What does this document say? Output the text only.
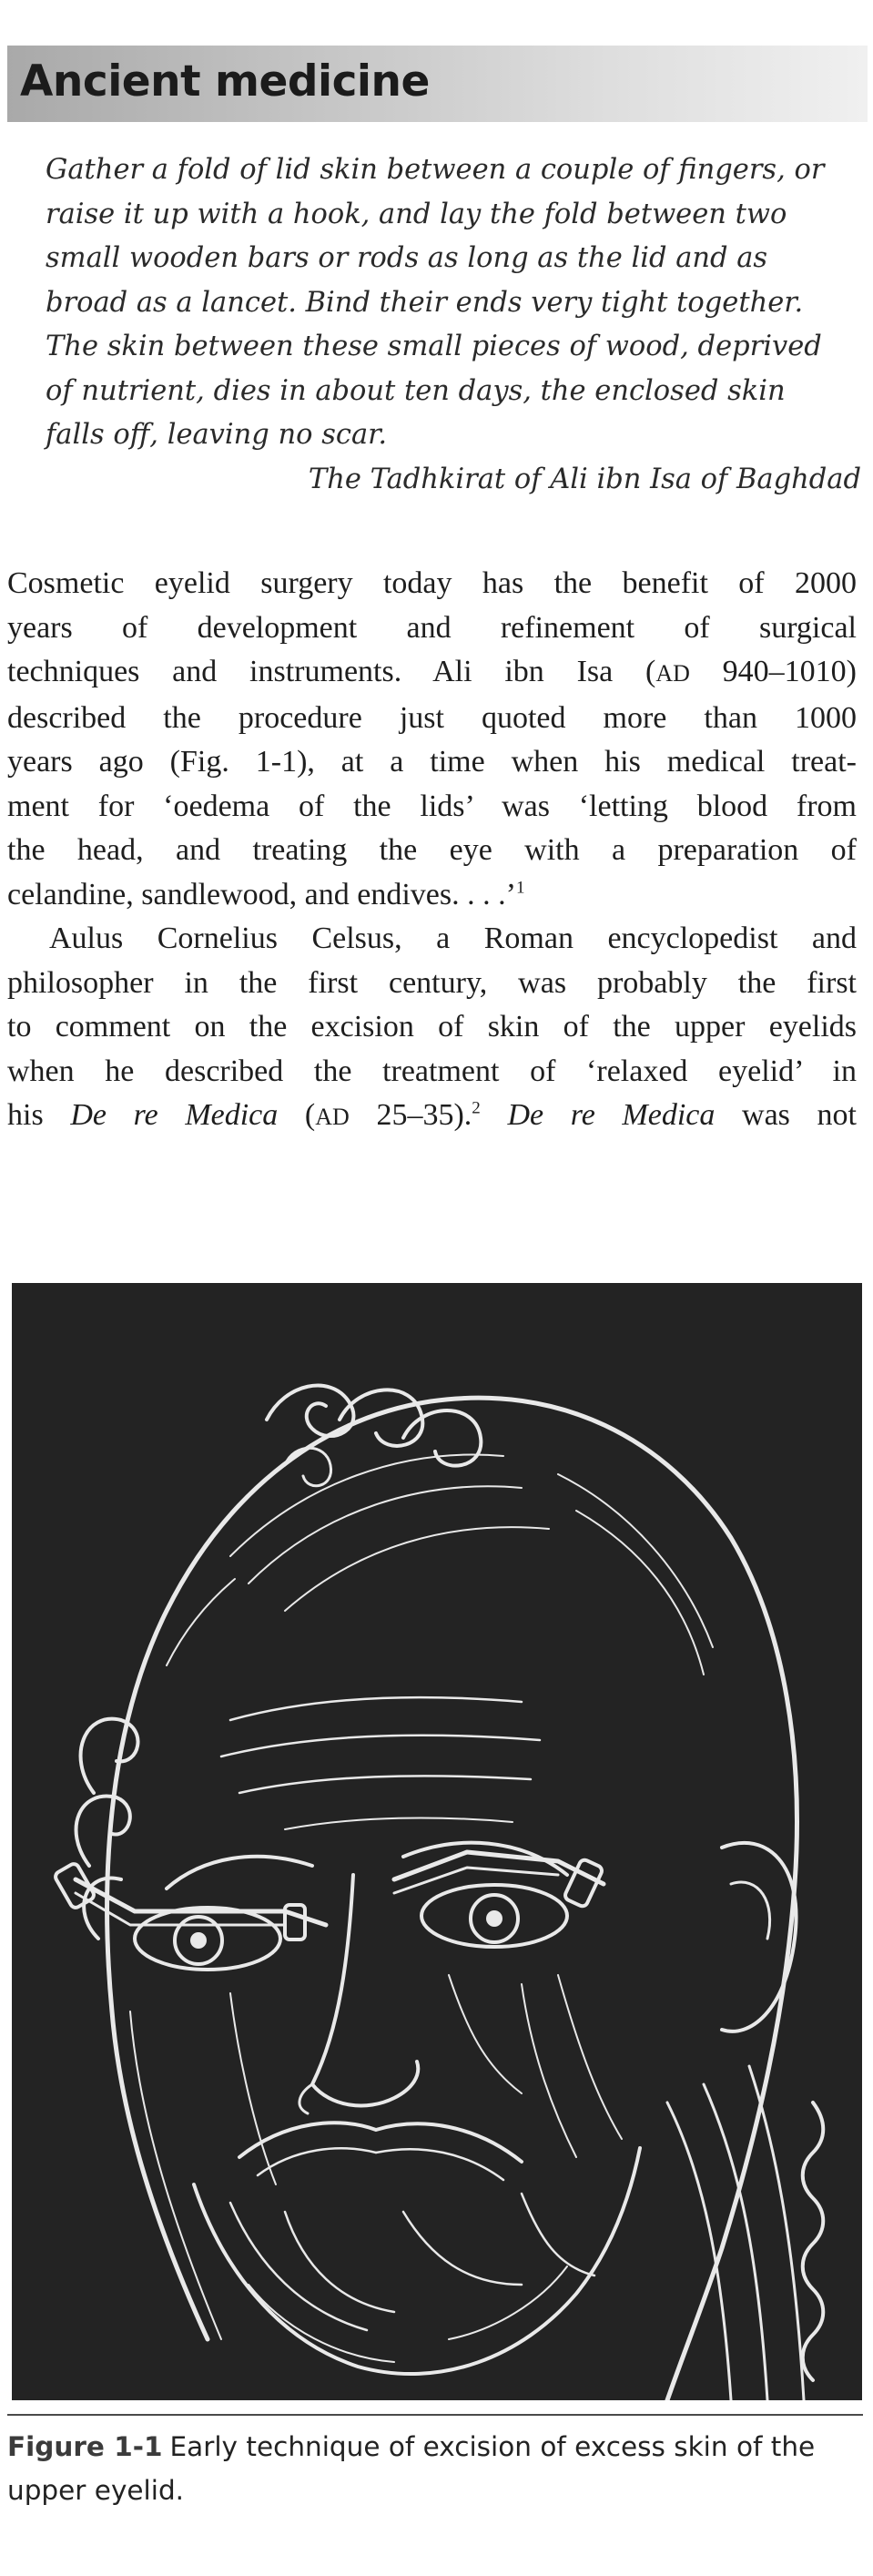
Ancient medicine
Gather a fold of lid skin between a couple of fingers, or
raise it up with a hook, and lay the fold between two
small wooden bars or rods as long as the lid and as
broad as a lancet. Bind their ends very tight together.
The skin between these small pieces of wood, deprived
of nutrient, dies in about ten days, the enclosed skin
falls off, leaving no scar.
The Tadhkirat of Ali ibn Isa of Baghdad
Cosmetic eyelid surgery today has the benefit of 2000
years of development and refinement of surgical
techniques and instruments. Ali ibn Isa (AD 940–1010)
described the procedure just quoted more than 1000
years ago (Fig. 1-1), at a time when his medical treat-
ment for ‘oedema of the lids’ was ‘letting blood from
the head, and treating the eye with a preparation of
celandine, sandlewood, and endives. . . .’$^1$
Aulus Cornelius Celsus, a Roman encyclopedist and
philosopher in the first century, was probably the first
to comment on the excision of skin of the upper eyelids
when he described the treatment of ‘relaxed eyelid’ in
his De re Medica (AD 25–35).$^2$ De re Medica was not
Figure 1-1 Early technique of excision of excess skin of the upper eyelid.
